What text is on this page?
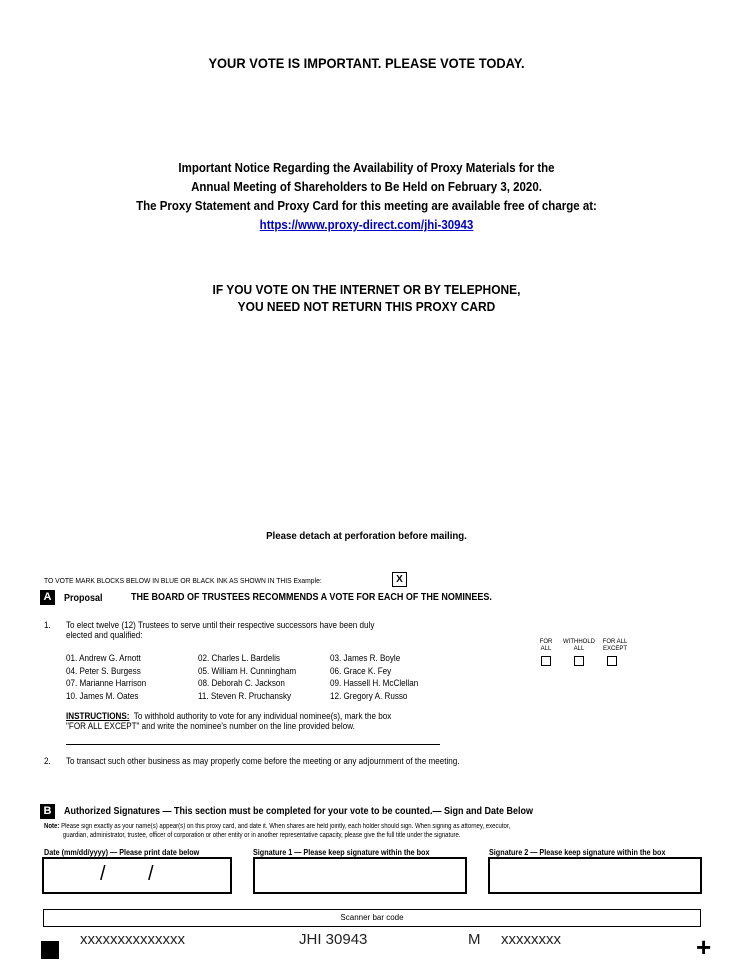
YOUR VOTE IS IMPORTANT. PLEASE VOTE TODAY.
Important Notice Regarding the Availability of Proxy Materials for the
Annual Meeting of Shareholders to Be Held on February 3, 2020.
The Proxy Statement and Proxy Card for this meeting are available free of charge at:
https://www.proxy-direct.com/jhi-30943
IF YOU VOTE ON THE INTERNET OR BY TELEPHONE,
YOU NEED NOT RETURN THIS PROXY CARD
Please detach at perforation before mailing.
TO VOTE MARK BLOCKS BELOW IN BLUE OR BLACK INK AS SHOWN IN THIS Example:	X
A	Proposal	THE BOARD OF TRUSTEES RECOMMENDS A VOTE FOR EACH OF THE NOMINEES.
1. To elect twelve (12) Trustees to serve until their respective successors have been duly
elected and qualified:
FOR
ALL
WITHHOLD
ALL
FOR ALL
EXCEPT
01. Andrew G. Arnott	02. Charles L. Bardelis	03. James R. Boyle
04. Peter S. Burgess	05. William H. Cunningham	06. Grace K. Fey
07. Marianne Harrison	08. Deborah C. Jackson	09. Hassell H. McClellan
10. James M. Oates	11. Steven R. Pruchansky	12. Gregory A. Russo
INSTRUCTIONS: To withhold authority to vote for any individual nominee(s), mark the box
"FOR ALL EXCEPT" and write the nominee's number on the line provided below.
2. To transact such other business as may properly come before the meeting or any adjournment of the meeting.
B	Authorized Signatures — This section must be completed for your vote to be counted.— Sign and Date Below
Note: Please sign exactly as your name(s) appear(s) on this proxy card, and date it. When shares are held jointly, each holder should sign. When signing as attorney, executor,
guardian, administrator, trustee, officer of corporation or other entity or in another representative capacity, please give the full title under the signature.
Date (mm/dd/yyyy) — Please print date below	Signature 1 — Please keep signature within the box	Signature 2 — Please keep signature within the box
/ /
Scanner bar code
xxxxxxxxxxxxxx	JHI 30943	M xxxxxxxx	+
